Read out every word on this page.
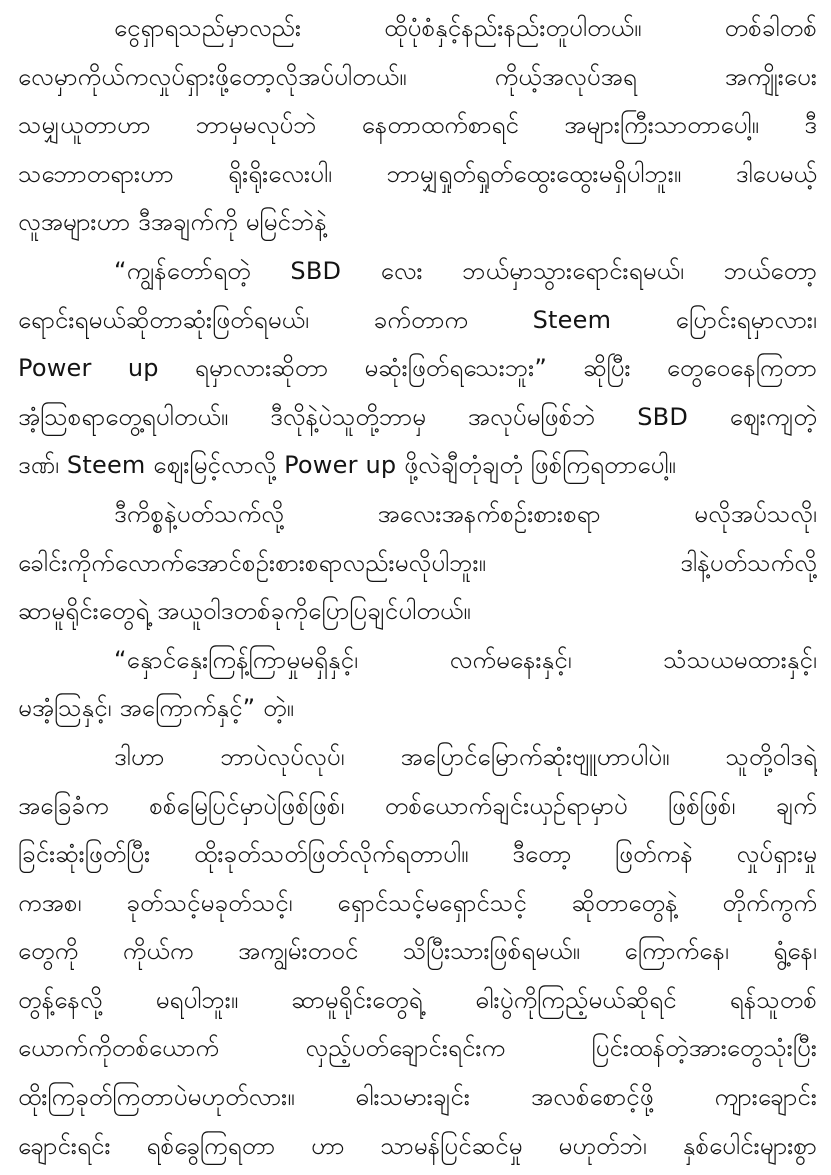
ငွေရှာရသည်မှာလည်း ထိုပုံစံနှင့်နည်းနည်းတူပါတယ်။ တစ်ခါတစ်
လေမှာကိုယ်ကလှုပ်ရှားဖို့တော့လိုအပ်ပါတယ်။ ကိုယ့်အလုပ်အရ အကျိုးပေး
သမျှယူတာဟာ ဘာမှမလုပ်ဘဲ နေတာထက်စာရင် အများကြီးသာတာပေါ့။ ဒီ
သဘောတရားဟာ ရိုးရိုးလေးပါ၊ ဘာမျှရှုတ်ရှုတ်ထွေးထွေးမရှိပါဘူး။ ဒါပေမယ့်
လူအများဟာ ဒီအချက်ကို မမြင်ဘဲနဲ့

“ကျွန်တော်ရတဲ့ SBD လေး ဘယ်မှာသွားရောင်းရမယ်၊ ဘယ်တော့
ရောင်းရမယ်ဆိုတာဆုံးဖြတ်ရမယ်၊ ခက်တာက Steem ပြောင်းရမှာလား၊
Power up ရမှာလားဆိုတာ မဆုံးဖြတ်ရသေးဘူး” ဆိုပြီး တွေဝေနေကြတာ
အံ့သြစရာတွေ့ရပါတယ်။ ဒီလိုနဲ့ပဲသူတို့ဘာမှ အလုပ်မဖြစ်ဘဲ SBD ဈေးကျတဲ့
ဒဏ်၊ Steem ဈေးမြင့်လာလို့ Power up ဖို့လဲချီတုံချတုံ ဖြစ်ကြရတာပေါ့။

ဒီကိစ္စနဲ့ပတ်သက်လို့ အလေးအနက်စဉ်းစားစရာ မလိုအပ်သလို၊
ခေါင်းကိုက်လောက်အောင်စဉ်းစားစရာလည်းမလိုပါဘူး။ ဒါနဲ့ပတ်သက်လို့
ဆာမူရိုင်းတွေရဲ့ အယူဝါဒတစ်ခုကိုပြောပြချင်ပါတယ်။

“နှောင်နှေးကြန့်ကြာမှုမရှိနှင့်၊ လက်မနေးနှင့်၊ သံသယမထားနှင့်၊
မအံ့သြနှင့်၊ အကြောက်နှင့်” တဲ့။

ဒါဟာ ဘာပဲလုပ်လုပ်၊ အပြောင်မြောက်ဆုံးဗျူဟာပါပဲ။ သူတို့ဝါဒရဲ့
အခြေခံက စစ်မြေပြင်မှာပဲဖြစ်ဖြစ်၊ တစ်ယောက်ချင်းယှဉ်ရာမှာပဲ ဖြစ်ဖြစ်၊ ချက်
ခြင်းဆုံးဖြတ်ပြီး ထိုးခုတ်သတ်ဖြတ်လိုက်ရတာပါ။ ဒီတော့ ဖြတ်ကနဲ လှုပ်ရှားမှု
ကအစ၊ ခုတ်သင့်မခုတ်သင့်၊ ရှောင်သင့်မရှောင်သင့် ဆိုတာတွေနဲ့ တိုက်ကွက်
တွေကို ကိုယ်က အကျွမ်းတဝင် သိပြီးသားဖြစ်ရမယ်။ ကြောက်နေ၊ ရွံ့နေ၊
တွန့်နေလို့ မရပါဘူး။ ဆာမူရိုင်းတွေရဲ့ ဓါးပွဲကိုကြည့်မယ်ဆိုရင် ရန်သူတစ်
ယောက်ကိုတစ်ယောက် လှည့်ပတ်ချောင်းရင်းက ပြင်းထန်တဲ့အားတွေသုံးပြီး
ထိုးကြခုတ်ကြတာပဲမဟုတ်လား။ ဓါးသမားချင်း အလစ်စောင့်ဖို့ ကျားချောင်း
ချောင်းရင်း ရစ်ခွေကြရတာ ဟာ သာမန်ပြင်ဆင်မှု မဟုတ်ဘဲ၊ နှစ်ပေါင်းများစွာ
